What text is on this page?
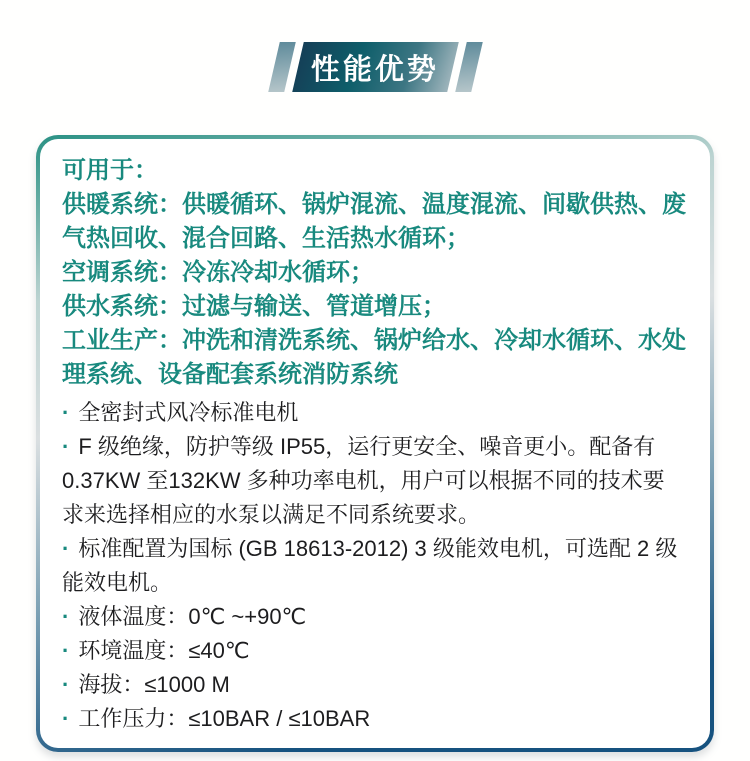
性能优势

可用于：

供暖系统：供暖循环、锅炉混流、温度混流、间歇供热、废气热回收、混合回路、生活热水循环；

空调系统：冷冻冷却水循环；

供水系统：过滤与输送、管道增压；

工业生产：冲洗和清洗系统、锅炉给水、冷却水循环、水处理系统、设备配套系统消防系统

· 全密封式风冷标准电机

· F 级绝缘，防护等级 IP55，运行更安全、噪音更小。配备有 0.37KW 至132KW 多种功率电机，用户可以根据不同的技术要求来选择相应的水泵以满足不同系统要求。

· 标准配置为国标 (GB 18613-2012) 3 级能效电机，可选配 2 级能效电机。

· 液体温度：0℃ ~+90℃

· 环境温度：≤40℃

· 海拔：≤1000 M

· 工作压力：≤10BAR / ≤10BAR
